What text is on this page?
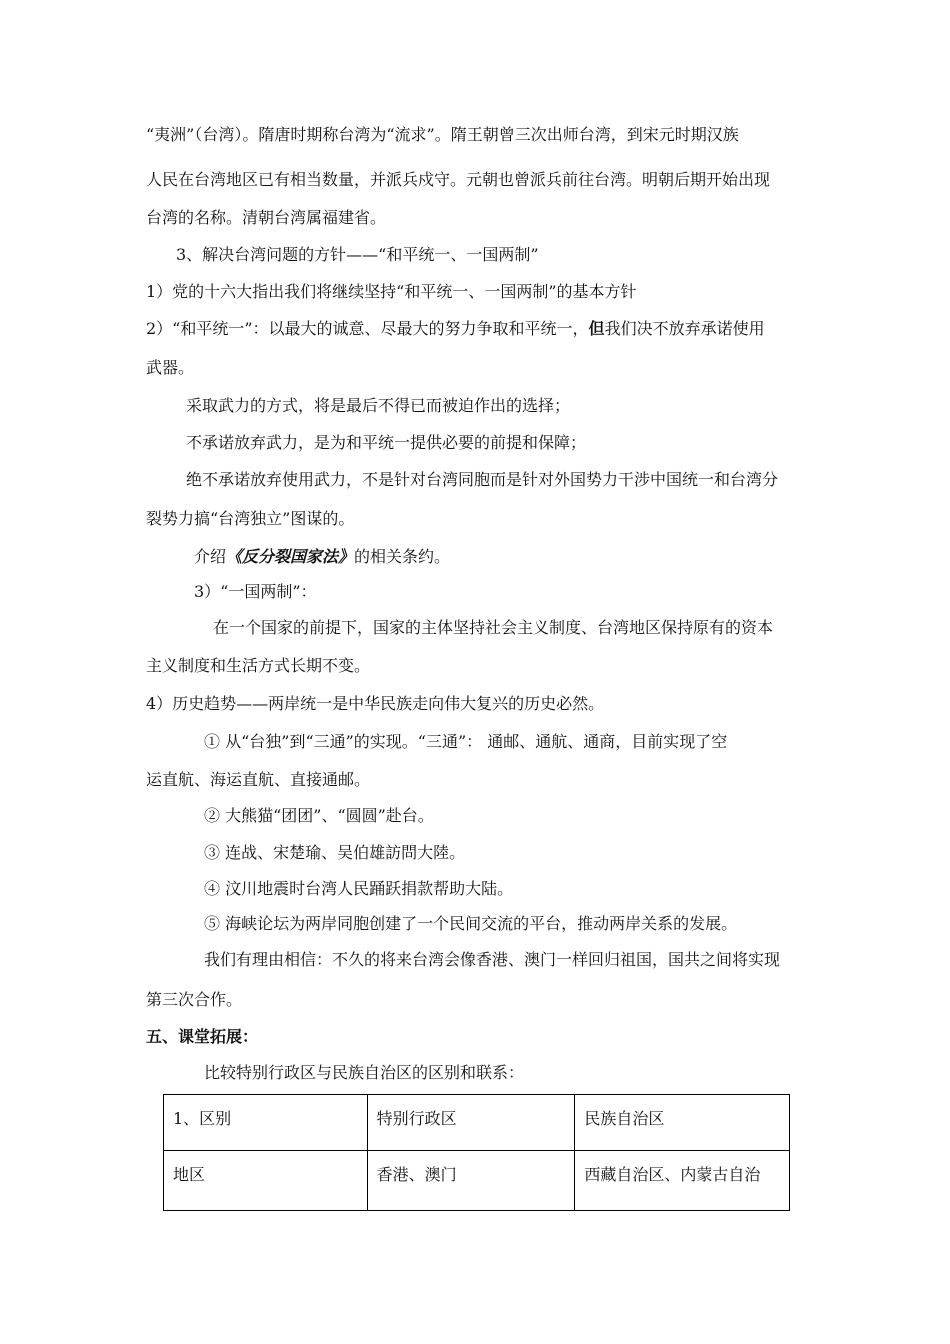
“夷洲”（台湾）。隋唐时期称台湾为“流求”。隋王朝曾三次出师台湾，到宋元时期汉族
人民在台湾地区已有相当数量，并派兵戍守。元朝也曾派兵前往台湾。明朝后期开始出现
台湾的名称。清朝台湾属福建省。
3、解决台湾问题的方针——“和平统一、一国两制”
1）党的十六大指出我们将继续坚持“和平统一、一国两制”的基本方针
2）“和平统一”：以最大的诚意、尽最大的努力争取和平统一，但我们决不放弃承诺使用
武器。
采取武力的方式，将是最后不得已而被迫作出的选择；
不承诺放弃武力，是为和平统一提供必要的前提和保障；
绝不承诺放弃使用武力，不是针对台湾同胞而是针对外国势力干涉中国统一和台湾分
裂势力搞“台湾独立”图谋的。
介绍《反分裂国家法》的相关条约。
3）“一国两制”：
在一个国家的前提下，国家的主体坚持社会主义制度、台湾地区保持原有的资本
主义制度和生活方式长期不变。
4）历史趋势——两岸统一是中华民族走向伟大复兴的历史必然。
① 从“台独”到“三通”的实现。“三通”： 通邮、通航、通商，目前实现了空
运直航、海运直航、直接通邮。
② 大熊猫“团团”、“圆圆”赴台。
③ 连战、宋楚瑜、吴伯雄訪問大陸。
④ 汶川地震时台湾人民踊跃捐款帮助大陆。
⑤ 海峡论坛为两岸同胞创建了一个民间交流的平台，推动两岸关系的发展。
我们有理由相信：不久的将来台湾会像香港、澳门一样回归祖国，国共之间将实现
第三次合作。
五、课堂拓展：
比较特别行政区与民族自治区的区别和联系：
1、区别	特别行政区	民族自治区
地区	香港、澳门	西藏自治区、内蒙古自治
